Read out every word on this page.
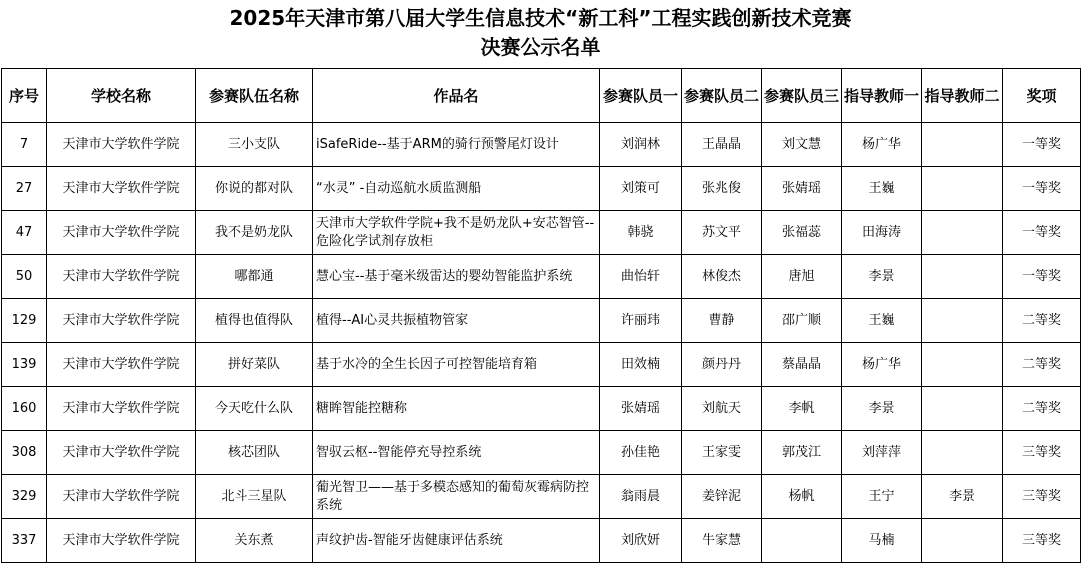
2025年天津市第八届大学生信息技术“新工科”工程实践创新技术竞赛
决赛公示名单
序号	学校名称	参赛队伍名称	作品名	参赛队员一	参赛队员二	参赛队员三	指导教师一	指导教师二	奖项
7	天津市大学软件学院	三小支队	iSafeRide--基于ARM的骑行预警尾灯设计	刘润林	王晶晶	刘文慧	杨广华		一等奖
27	天津市大学软件学院	你说的都对队	“水灵” -自动巡航水质监测船	刘策可	张兆俊	张婧瑶	王巍		一等奖
47	天津市大学软件学院	我不是奶龙队	天津市大学软件学院+我不是奶龙队+安芯智管--危险化学试剂存放柜	韩骁	苏文平	张福蕊	田海涛		一等奖
50	天津市大学软件学院	哪都通	慧心宝--基于毫米级雷达的婴幼智能监护系统	曲怡轩	林俊杰	唐旭	李景		一等奖
129	天津市大学软件学院	植得也值得队	植得--AI心灵共振植物管家	许丽玮	曹静	邵广顺	王巍		二等奖
139	天津市大学软件学院	拼好菜队	基于水冷的全生长因子可控智能培育箱	田效楠	颜丹丹	蔡晶晶	杨广华		二等奖
160	天津市大学软件学院	今天吃什么队	糖眸智能控糖称	张婧瑶	刘航天	李帆	李景		二等奖
308	天津市大学软件学院	核芯团队	智驭云枢--智能停充导控系统	孙佳艳	王家雯	郭茂江	刘萍萍		三等奖
329	天津市大学软件学院	北斗三星队	葡光智卫——基于多模态感知的葡萄灰霉病防控系统	翁雨晨	姜锌泥	杨帆	王宁	李景	三等奖
337	天津市大学软件学院	关东煮	声纹护齿-智能牙齿健康评估系统	刘欣妍	牛家慧		马楠		三等奖
